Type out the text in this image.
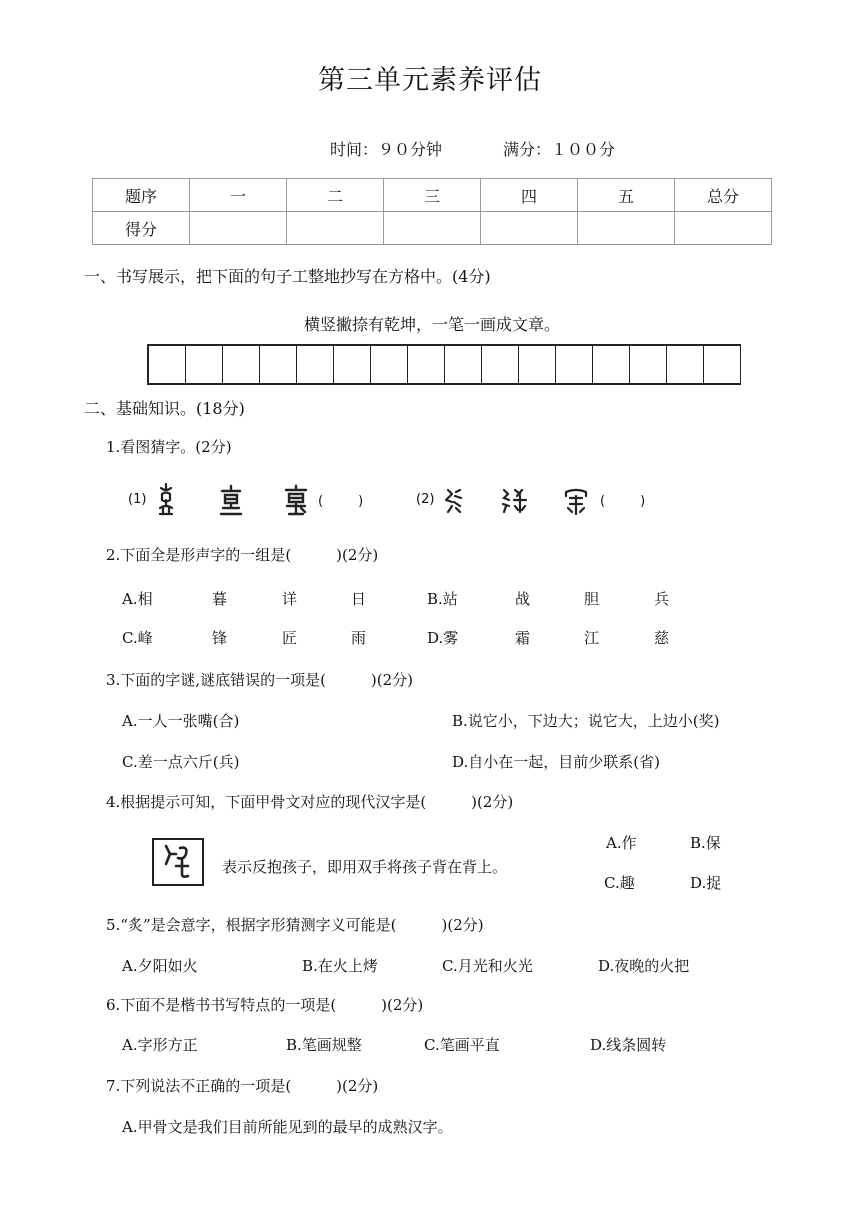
第三单元素养评估
时间：９０分钟	满分：１００分
题序	一	二	三	四	五	总分
得分						
一、书写展示，把下面的句子工整地抄写在方格中。(4分)
横竖撇捺有乾坤，一笔一画成文章。
二、基础知识。(18分)
1.看图猜字。(2分)
(1)	(　　)	(2)	(　　)
2.下面全是形声字的一组是(　　　)(2分)
A.相	暮	详	日	B.站	战	胆	兵
C.峰	锋	匠	雨	D.雾	霜	江	慈
3.下面的字谜,谜底错误的一项是(　　　)(2分)
A.一人一张嘴(合)	B.说它小，下边大；说它大，上边小(奖)
C.差一点六斤(兵)	D.自小在一起，目前少联系(省)
4.根据提示可知，下面甲骨文对应的现代汉字是(　　　)(2分)
表示反抱孩子，即用双手将孩子背在背上。
A.作	B.保
C.趣	D.捉
5.“炙”是会意字，根据字形猜测字义可能是(　　　)(2分)
A.夕阳如火	B.在火上烤	C.月光和火光	D.夜晚的火把
6.下面不是楷书书写特点的一项是(　　　)(2分)
A.字形方正	B.笔画规整	C.笔画平直	D.线条圆转
7.下列说法不正确的一项是(　　　)(2分)
A.甲骨文是我们目前所能见到的最早的成熟汉字。
